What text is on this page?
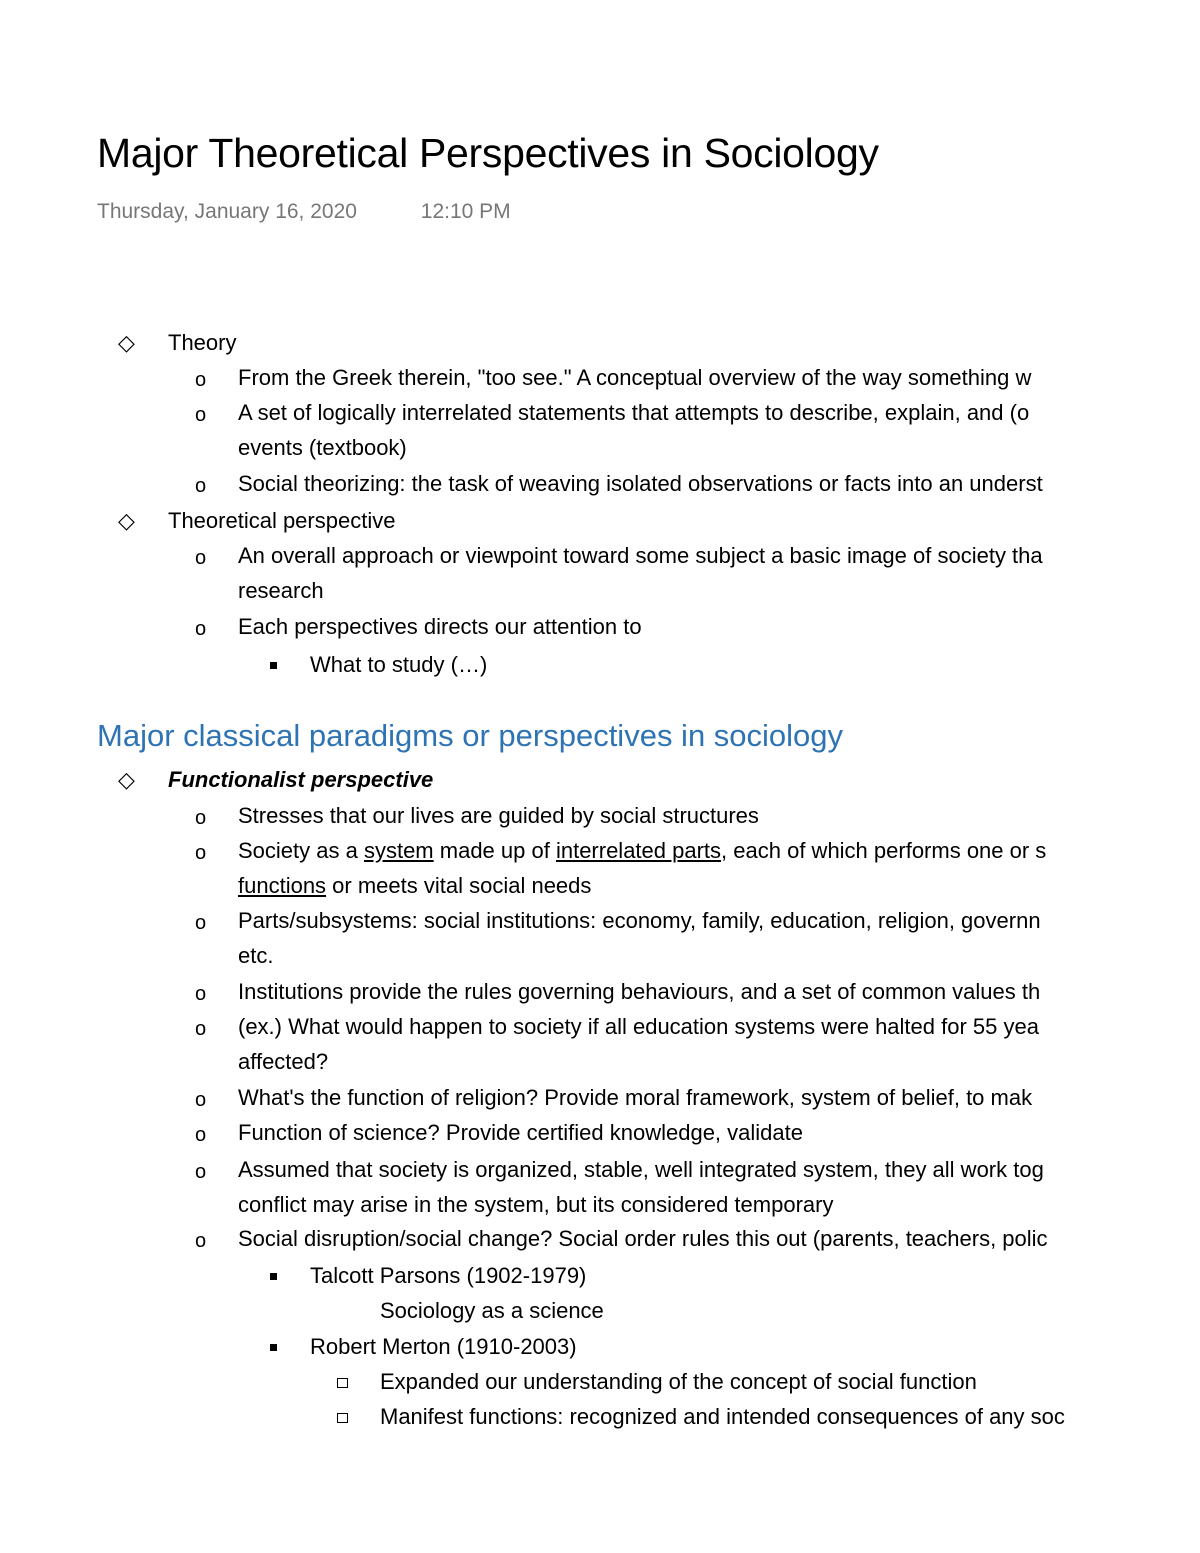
Major Theoretical Perspectives in Sociology
Thursday, January 16, 2020	12:10 PM
◇ Theory
o From the Greek therein, "too see." A conceptual overview of the way something w
o A set of logically interrelated statements that attempts to describe, explain, and (o
events (textbook)
o Social theorizing: the task of weaving isolated observations or facts into an underst
◇ Theoretical perspective
o An overall approach or viewpoint toward some subject a basic image of society tha
research
o Each perspectives directs our attention to
What to study (…)
Major classical paradigms or perspectives in sociology
◇ Functionalist perspective
o Stresses that our lives are guided by social structures
o Society as a system made up of interrelated parts, each of which performs one or s
functions or meets vital social needs
o Parts/subsystems: social institutions: economy, family, education, religion, governn
etc.
o Institutions provide the rules governing behaviours, and a set of common values th
o (ex.) What would happen to society if all education systems were halted for 55 yea
affected?
o What's the function of religion? Provide moral framework, system of belief, to mak
o Function of science? Provide certified knowledge, validate
o Assumed that society is organized, stable, well integrated system, they all work tog
conflict may arise in the system, but its considered temporary
o Social disruption/social change? Social order rules this out (parents, teachers, polic
Talcott Parsons (1902-1979)
Sociology as a science
Robert Merton (1910-2003)
Expanded our understanding of the concept of social function
Manifest functions: recognized and intended consequences of any soc
